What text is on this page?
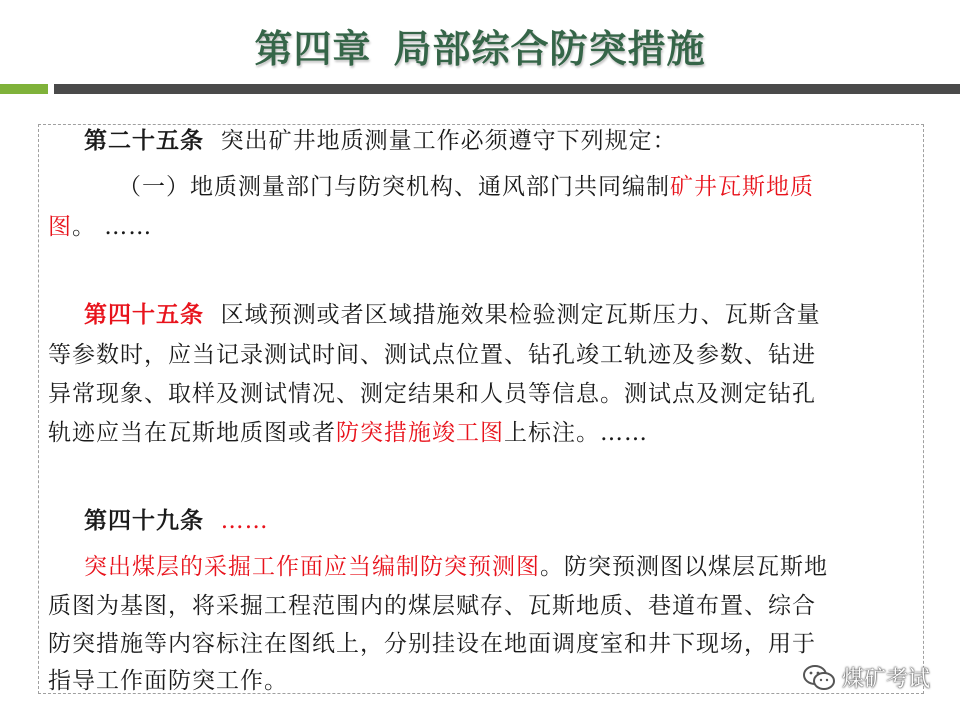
第四章 局部综合防突措施
第二十五条 突出矿井地质测量工作必须遵守下列规定：
（一）地质测量部门与防突机构、通风部门共同编制矿井瓦斯地质
图。 ……
第四十五条 区域预测或者区域措施效果检验测定瓦斯压力、瓦斯含量
等参数时，应当记录测试时间、测试点位置、钻孔竣工轨迹及参数、钻进
异常现象、取样及测试情况、测定结果和人员等信息。测试点及测定钻孔
轨迹应当在瓦斯地质图或者防突措施竣工图上标注。……
第四十九条 ……
突出煤层的采掘工作面应当编制防突预测图。防突预测图以煤层瓦斯地
质图为基图，将采掘工程范围内的煤层赋存、瓦斯地质、巷道布置、综合
防突措施等内容标注在图纸上，分别挂设在地面调度室和井下现场，用于
指导工作面防突工作。	煤矿考试
